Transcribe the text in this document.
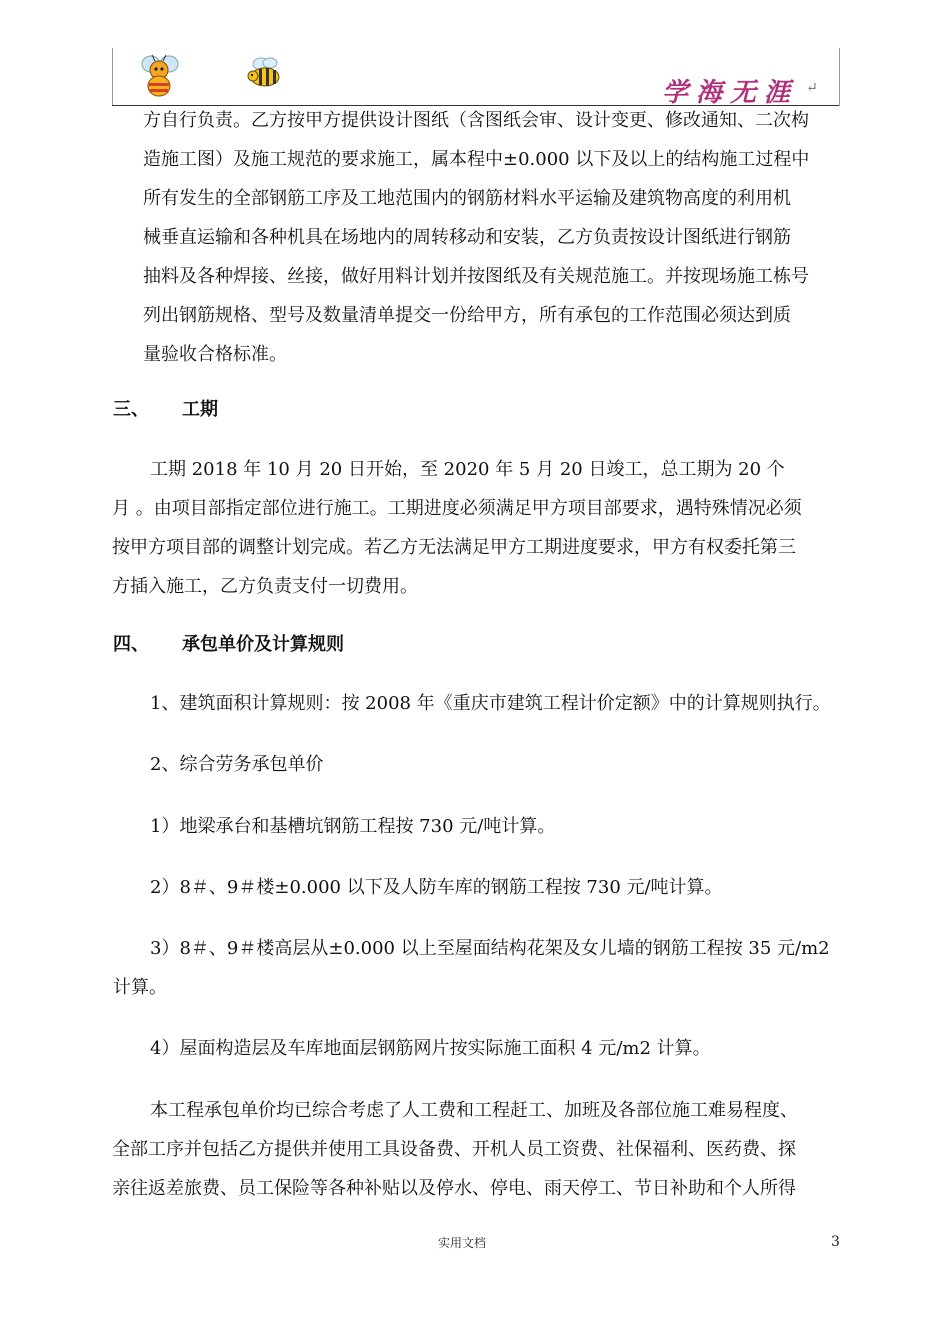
学海无涯 ↵

方自行负责。乙方按甲方提供设计图纸（含图纸会审、设计变更、修改通知、二次构

造施工图）及施工规范的要求施工，属本程中±0.000 以下及以上的结构施工过程中

所有发生的全部钢筋工序及工地范围内的钢筋材料水平运输及建筑物高度的利用机

械垂直运输和各种机具在场地内的周转移动和安装，乙方负责按设计图纸进行钢筋

抽料及各种焊接、丝接，做好用料计划并按图纸及有关规范施工。并按现场施工栋号

列出钢筋规格、型号及数量清单提交一份给甲方，所有承包的工作范围必须达到质

量验收合格标准。

三、 工期

工期 2018 年 10 月 20 日开始，至 2020 年 5 月 20 日竣工，总工期为 20 个

月 。由项目部指定部位进行施工。工期进度必须满足甲方项目部要求，遇特殊情况必须

按甲方项目部的调整计划完成。若乙方无法满足甲方工期进度要求，甲方有权委托第三

方插入施工，乙方负责支付一切费用。

四、 承包单价及计算规则
1、建筑面积计算规则：按 2008 年《重庆市建筑工程计价定额》中的计算规则执行。
2、综合劳务承包单价
1）地梁承台和基槽坑钢筋工程按 730 元/吨计算。
2）8＃、9＃楼±0.000 以下及人防车库的钢筋工程按 730 元/吨计算。
3）8＃、9＃楼高层从±0.000 以上至屋面结构花架及女儿墙的钢筋工程按 35 元/m2
计算。
4）屋面构造层及车库地面层钢筋网片按实际施工面积 4 元/m2 计算。

本工程承包单价均已综合考虑了人工费和工程赶工、加班及各部位施工难易程度、

全部工序并包括乙方提供并使用工具设备费、开机人员工资费、社保福利、医药费、探

亲往返差旅费、员工保险等各种补贴以及停水、停电、雨天停工、节日补助和个人所得

实用文档	3
